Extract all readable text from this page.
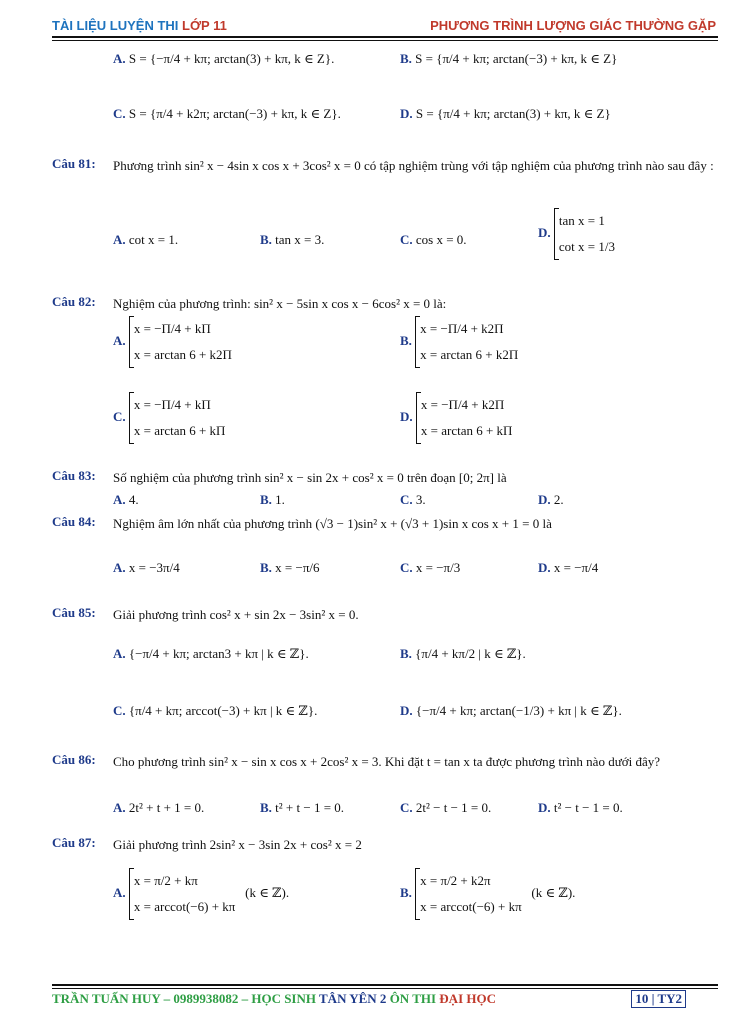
TÀI LIỆU LUYỆN THI LỚP 11	PHƯƠNG TRÌNH LƯỢNG GIÁC THƯỜNG GẶP
A. S = {−π/4 + kπ; arctan(3) + kπ, k ∈ Z}.	B. S = {π/4 + kπ; arctan(−3) + kπ, k ∈ Z}
C. S = {π/4 + k2π; arctan(−3) + kπ, k ∈ Z}.	D. S = {π/4 + kπ; arctan(3) + kπ, k ∈ Z}
Câu 81: Phương trình sin² x − 4sin x cos x + 3cos² x = 0 có tập nghiệm trùng với tập nghiệm của phương trình nào sau đây :
A. cot x = 1.	B. tan x = 3.	C. cos x = 0.	D.
tan x = 1
cot x = 1/3
Câu 82: Nghiệm của phương trình: sin² x − 5sin x cos x − 6cos² x = 0 là:
A.
x = −Π/4 + kΠ
x = arctan 6 + k2Π
B.
x = −Π/4 + k2Π
x = arctan 6 + k2Π
C.
x = −Π/4 + kΠ
x = arctan 6 + kΠ
D.
x = −Π/4 + k2Π
x = arctan 6 + kΠ
Câu 83: Số nghiệm của phương trình sin² x − sin 2x + cos² x = 0 trên đoạn [0; 2π] là
A. 4.	B. 1.	C. 3.	D. 2.
Câu 84: Nghiệm âm lớn nhất của phương trình (√3 − 1)sin² x + (√3 + 1)sin x cos x + 1 = 0 là
A. x = −3π/4	B. x = −π/6	C. x = −π/3	D. x = −π/4
Câu 85: Giải phương trình cos² x + sin 2x − 3sin² x = 0.
A. {−π/4 + kπ; arctan3 + kπ | k ∈ ℤ}.	B. {π/4 + kπ/2 | k ∈ ℤ}.
C. {π/4 + kπ; arccot(−3) + kπ | k ∈ ℤ}.	D. {−π/4 + kπ; arctan(−1/3) + kπ | k ∈ ℤ}.
Câu 86: Cho phương trình sin² x − sin x cos x + 2cos² x = 3. Khi đặt t = tan x ta được phương trình nào dưới đây?
A. 2t² + t + 1 = 0.	B. t² + t − 1 = 0.	C. 2t² − t − 1 = 0.	D. t² − t − 1 = 0.
Câu 87: Giải phương trình 2sin² x − 3sin 2x + cos² x = 2
A.
x = π/2 + kπ
x = arccot(−6) + kπ
(k ∈ ℤ).	B.
x = π/2 + k2π
x = arccot(−6) + kπ
(k ∈ ℤ).
TRẦN TUẤN HUY – 0989938082 – HỌC SINH TÂN YÊN 2 ÔN THI ĐẠI HỌC	10 | TY2
